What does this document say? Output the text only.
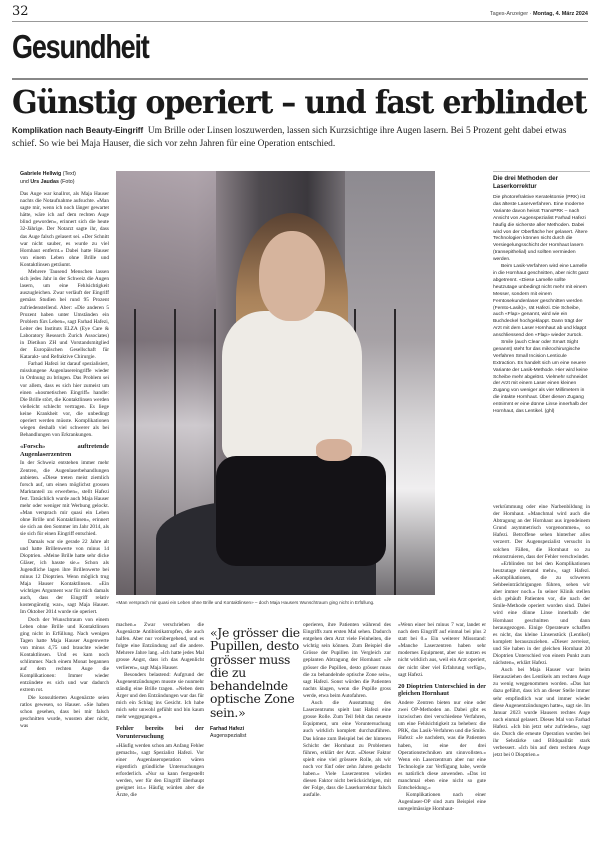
32	Tages-Anzeiger · Montag, 4. März 2024
Gesundheit
Günstig operiert – und fast erblindet
Komplikation nach Beauty-Eingriff Um Brille oder Linsen loszuwerden, lassen sich Kurzsichtige ihre Augen lasern. Bei 5 Prozent geht dabei etwas schief. So wie bei Maja Hauser, die sich vor zehn Jahren für eine Operation entschied.
Gabriele Hellwig (Text)
und Urs Jaudas (Foto)

Das Auge war knallrot, als Maja Hauser nachts die Notaufnahme aufsuchte. «Man sagte mir, wenn ich noch länger gewartet hätte, wäre ich auf dem rechten Auge blind geworden», erinnert sich die heute 32-Jährige. Der Notarzt sagte ihr, dass das Auge falsch gelasert sei. «Der Schnitt war nicht sauber, es wurde zu viel Hornhaut entfernt.» Dabei hatte Hauser von einem Leben ohne Brille und Kontaktlinsen geträumt.

Mehrere Tausend Menschen lassen sich jedes Jahr in der Schweiz die Augen lasern, um eine Fehlsichtigkeit auszugleichen. Zwar verläuft der Eingriff gemäss Studien bei rund 95 Prozent zufriedenstellend. Aber: «Die anderen 5 Prozent haben unter Umständen ein Problem fürs Leben», sagt Farhad Hafezi, Leiter des Instituts ELZA (Eye Care & Laboratory Research Zurich Associates) in Dietikon ZH und Vorstandsmitglied der Europäischen Gesellschaft für Katarakt- und Refraktive Chirurgie.

Farhad Hafezi ist darauf spezialisiert, misslungene Augenlasereingriffe wieder in Ordnung zu bringen. Das Problem sei vor allem, dass es sich hier zumeist um einen «kosmetischen Eingriff» handle: Die Brille stört, die Kontaktlinsen werden vielleicht schlecht vertragen. Es liege keine Krankheit vor, die unbedingt operiert werden müsste. Komplikationen wiegen deshalb viel schwerer als bei Behandlungen von Erkrankungen.

«Forsch» auftretende Augenlaserzentren

In der Schweiz entstehen immer mehr Zentren, die Augenlaserbehandlungen anbieten. «Diese treten meist ziemlich forsch auf, um einen möglichst grossen Marktanteil zu erwerben», stellt Hafezi fest. Tatsächlich wurde auch Maja Hauser mehr oder weniger mit Werbung gelockt. «Man versprach mir quasi ein Leben ohne Brille und Kontaktlinsen», erinnert sie sich an den Sommer im Jahr 2014, als sie sich für einen Eingriff entschied.

Damals war sie gerade 22 Jahre alt und hatte Brillenwerte von minus 14 Dioptrien. «Meine Brille hatte sehr dicke Gläser, ich hasste sie.» Schon als Jugendliche lagen ihre Brillenwerte bei minus 12 Dioptrien. Wenn möglich trug Maja Hauser Kontaktlinsen. «Ein wichtiges Argument war für mich damals auch, dass der Eingriff relativ kostengünstig war», sagt Maja Hauser. Im Oktober 2014 wurde sie operiert.

Doch der Wunschtraum von einem Leben ohne Brille und Kontaktlinsen ging nicht in Erfüllung. Nach wenigen Tagen hatte Maja Hauser Augenwerte von minus 4,75 und brauchte wieder Kontaktlinsen. Und es kam noch schlimmer. Nach einem Monat begannen auf dem rechten Auge die Komplikationen: Immer wieder entzündete es sich und war dadurch extrem rot.

Die konsultierten Augenärzte seien ratlos gewesen, so Hauser. «Sie haben schon gesehen, dass bei mir falsch geschnitten wurde, wussten aber nicht, was

«Man versprach mir quasi ein Leben ohne Brille und Kontaktlinsen» – doch Maja Hausers Wunschtraum ging nicht in Erfüllung.

machen.» Zwar verschrieben die Augenärzte Antibiotikatropfen, die auch halfen. Aber nur vorübergehend, und es folgte eine Entzündung auf die andere. Mehrere Jahre lang. «Ich hatte jedes Mal grosse Angst, dass ich das Augenlicht verlieren», sagt Maja Hauser.

Besonders belastend: Aufgrund der Augenentzündungen musste sie nunmehr ständig eine Brille tragen. «Neben dem Ärger und den Entzündungen war das für mich ein Schlag ins Gesicht. Ich habe mich sehr unwohl gefühlt und bin kaum mehr weggegangen.»

Fehler bereits bei der Voruntersuchung

«Häufig werden schon am Anfang Fehler gemacht», sagt Spezialist Hafezi. Vor einer Augenlaseroperation wären eigentlich gründliche Untersuchungen erforderlich. «Nur so kann festgestellt werden, wer für den Eingriff überhaupt geeignet ist.» Häufig würden aber die Ärzte, die

«Je grösser die Pupillen, desto grösser muss die zu behandelnde optische Zone sein.»
Farhad Hafezi
Augenspezialist

operieren, ihre Patienten während des Eingriffs zum ersten Mal sehen. Dadurch entgehen dem Arzt viele Feinheiten, die wichtig sein können. Zum Beispiel die Grösse der Pupillen im Vergleich zur geplanten Abtragung der Hornhaut: «Je grösser die Pupillen, desto grösser muss die zu behandelnde optische Zone sein», sagt Hafezi. Sonst würden die Patienten nachts klagen, wenn die Pupille gross werde, etwa beim Autofahren.

Auch die Ausstattung des Laserzentrums spielt laut Hafezi eine grosse Rolle. Zum Teil fehlt das neueste Equipment, um eine Voruntersuchung auch wirklich komplett durchzuführen. Das könne zum Beispiel bei der hinteren Schicht der Hornhaut zu Problemen führen, erklärt der Arzt. «Dieser Faktor spielt eine viel grössere Rolle, als wir noch vor fünf oder zehn Jahren gedacht haben.» Viele Laserzentren würden diesen Faktor nicht berücksichtigen, mit der Folge, dass die Laserkorrektur falsch ausfalle.

«Wenn einer bei minus 7 war, landet er nach dem Eingriff auf einmal bei plus 2 statt bei 0.» Ein weiterer Missstand: «Manche Laserzentren haben sehr modernes Equipment, aber sie nutzen es nicht wirklich aus, weil ein Arzt operiert, der nicht über viel Erfahrung verfügt», sagt Hafezi.

20 Dioptrien Unterschied in der gleichen Hornhaut

Andere Zentren bieten nur eine oder zwei OP-Methoden an. Dabei gibt es inzwischen drei verschiedene Verfahren, um eine Fehlsichtigkeit zu beheben: die PRK, das Lasik-Verfahren und die Smile. Hafezi: «Je nachdem, was die Patienten haben, ist eine der drei Operationstechniken am sinnvollsten.» Wenn ein Laserzentrum aber nur eine Technologie zur Verfügung habe, werde es natürlich diese anwenden. «Das ist manchmal eben eine nicht so gute Entscheidung.»

Komplikationen nach einer Augenlaser-OP sind zum Beispiel eine unregelmässige Hornhaut-

Die drei Methoden der Laserkorrektur

Die photorefraktive Keratektomie (PRK) ist das älteste Laserverfahren. Eine moderne Variante davon heisst TransPRK – nach Ansicht von Augenspezialist Farhad Hafezi häufig die sicherste aller Methoden. Dabei wird von der Oberfläche her gelasert. Ältere Technologien können nicht durch die Versiegelungsschicht der Hornhaut lasern (transepithelial) und sollten vermieden werden.

Beim Lasik-Verfahren wird eine Lamelle in die Hornhaut geschnitten, aber nicht ganz abgetrennt. «Diese Lamelle sollte heutzutage unbedingt nicht mehr mit einem Messer, sondern mit einem Femtosekundenlaser geschnitten werden (Femto-Lasik)», rät Hafezi. Die Scheibe, auch «Flap» genannt, wird wie ein Buchdeckel hochgeklappt. Dann trägt der Arzt mit dem Laser Hornhaut ab und klappt anschliessend den «Flap» wieder zurück.

Smile (auch Clear oder Smart Sight genannt) steht für das mikrochirurgische Verfahren Small Incision Lenticule Extraction. Es handelt sich um eine neuere Variante der Lasik-Methode. Hier wird keine Scheibe mehr abgelöst. Vielmehr schneidet der Arzt mit einem Laser einen kleinen Zugang von weniger als vier Millimetern in die intakte Hornhaut. Über diesen Zugang entnimmt er eine dünne Linse innerhalb der Hornhaut, das Lentikel. (ghl)

verkrümmung oder eine Narbenbildung in der Hornhaut. «Manchmal wird auch die Abtragung an der Hornhaut aus irgendeinem Grund asymmetrisch vorgenommen», so Hafezi. Betroffene sehen hinterher alles verzerrt. Der Augenspezialist versucht in solchen Fällen, die Hornhaut so zu rekonstruieren, dass der Fehler verschwindet.

«Erblinden tut bei den Komplikationen heutzutage niemand mehr», sagt Hafezi. «Komplikationen, die zu schweren Sehbeeinträchtigungen führen, sehen wir aber immer noch.» In seiner Klinik stellen sich gehäuft Patienten vor, die nach der Smile-Methode operiert worden sind. Dabei wird eine dünne Linse innerhalb der Hornhaut geschnitten und dann herausgezogen. Einige Operateure schaffen es nicht, das kleine Linsenstück (Lentikel) komplett herauszuziehen. «Dieser zerreisst, und Sie haben in der gleichen Hornhaut 20 Dioptrien Unterschied von einem Punkt zum nächsten», erklärt Hafezi.

Auch bei Maja Hauser war beim Herausziehen des Lentikels am rechten Auge zu wenig weggenommen worden. «Das hat dazu geführt, dass ich an dieser Stelle immer sehr empfindlich war und immer wieder diese Augenentzündungen hatte», sagt sie. Im Januar 2023 wurde Hausers rechtes Auge noch einmal gelasert. Dieses Mal von Farhad Hafezi. «Ich bin jetzt sehr zufrieden», sagt sie. Durch die erneute Operation wurden bei ihr Sehstärke und Bildqualität stark verbessert. «Ich bin auf dem rechten Auge jetzt bei 0 Dioptrien.»
